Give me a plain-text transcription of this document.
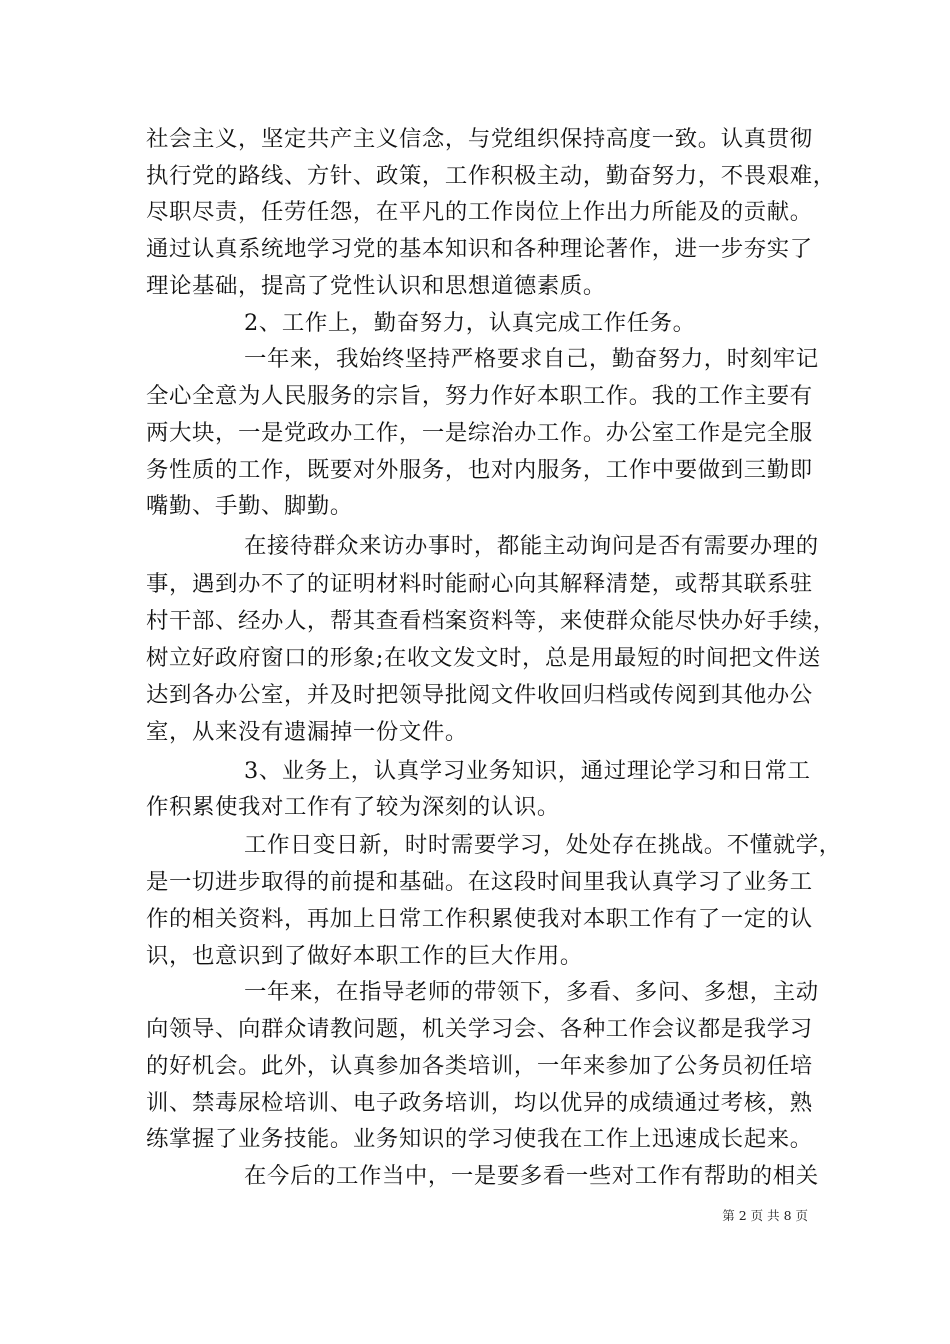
社会主义，坚定共产主义信念，与党组织保持高度一致。认真贯彻
执行党的路线、方针、政策，工作积极主动，勤奋努力，不畏艰难，
尽职尽责，任劳任怨，在平凡的工作岗位上作出力所能及的贡献。
通过认真系统地学习党的基本知识和各种理论著作，进一步夯实了
理论基础，提高了党性认识和思想道德素质。
2、工作上，勤奋努力，认真完成工作任务。
一年来，我始终坚持严格要求自己，勤奋努力，时刻牢记
全心全意为人民服务的宗旨，努力作好本职工作。我的工作主要有
两大块，一是党政办工作，一是综治办工作。办公室工作是完全服
务性质的工作，既要对外服务，也对内服务，工作中要做到三勤即
嘴勤、手勤、脚勤。
在接待群众来访办事时，都能主动询问是否有需要办理的
事，遇到办不了的证明材料时能耐心向其解释清楚，或帮其联系驻
村干部、经办人，帮其查看档案资料等，来使群众能尽快办好手续，
树立好政府窗口的形象;在收文发文时，总是用最短的时间把文件送
达到各办公室，并及时把领导批阅文件收回归档或传阅到其他办公
室，从来没有遗漏掉一份文件。
3、业务上，认真学习业务知识，通过理论学习和日常工
作积累使我对工作有了较为深刻的认识。
工作日变日新，时时需要学习，处处存在挑战。不懂就学，
是一切进步取得的前提和基础。在这段时间里我认真学习了业务工
作的相关资料，再加上日常工作积累使我对本职工作有了一定的认
识，也意识到了做好本职工作的巨大作用。
一年来，在指导老师的带领下，多看、多问、多想，主动
向领导、向群众请教问题，机关学习会、各种工作会议都是我学习
的好机会。此外，认真参加各类培训，一年来参加了公务员初任培
训、禁毒尿检培训、电子政务培训，均以优异的成绩通过考核，熟
练掌握了业务技能。业务知识的学习使我在工作上迅速成长起来。
在今后的工作当中，一是要多看一些对工作有帮助的相关
第 2 页 共 8 页
